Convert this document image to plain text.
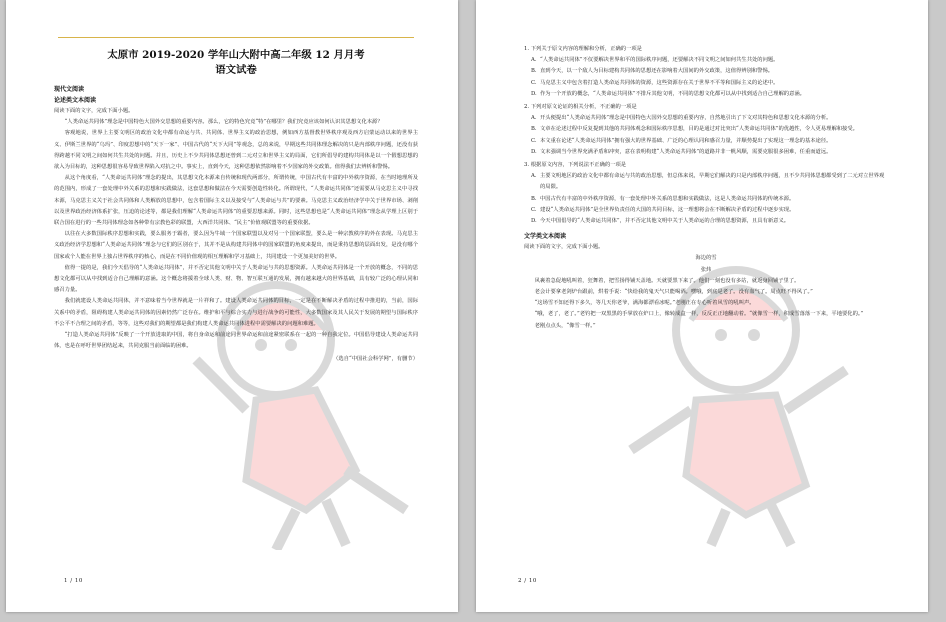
太原市 2019-2020 学年山大附中高二年级 12 月月考
语文试卷
现代文阅读
论述类文本阅读
阅读下面的文字，完成下面小题。

“人类命运共同体”理念是中国特色大国外交思想的重要内容。那么，它的特色究竟“特”在哪里？我们究竟应该如何认识其思想文化本源？

客观地说，世界上主要文明区的政治文化中都有命运与共、共同体、世界主义的政治思想，例如西方基督教世界秩序观及西方启蒙运动以来的世界主义、伊斯兰世界的“乌玛”、印度思想中的“天下一家”、中国古代的“天下大同”等观念，总的来说，早期这些共同体理念解决的只是内部秩序问题，还没有获得跨越不同文明之间如何共生共处的问题。并且，历史上不少共同体思想还曾到二元对立和世界主义的局面，它们所倡导的建构共同体是以一个假想思想的欲入为目标的，这种思想很容易导致世界陷入对抗之中。事实上，直到今天，这种思想依然影响着不少国家的外交政策。值得我们去辨析和警惕。

从这个角度看，“人类命运共同体”理念的提出，其思想文化本源来自传统和现代两部分，所谓传统，中国古代有丰富的中外秩序资源，在当时地理所及的范围内，形成了一套处理中外关系的思想和实践做法，这套思想和做法在今天需要创造性转化。所谓现代，“人类命运共同体”还需要从马克思主义中寻找本源，马克思主义关于社会共同体和人类解放的思想中，包含着国际主义以及接受与“人类命运与共”的要素。马克思主义政治经济学中关于世界市场、剥削以及世界政治经济体系扩张，压迫的论述等，都是我们理解“人类命运共同体”的重要思想来源。同时，这些思想也是“人类命运共同体”理念从学理上区别于联合国在进行的一些共同体理念如各种带有宗教色彩的联盟，大西洋共同体、“民主”价值观联盟等的重要依据。

以往在大多数国际秩序思想和实践，要么服务于霸者，要么因为牛域一个国家联盟以及对另一个国家联盟，要么是一种宗教秩序的外在表现。马克思主义政治经济学思想和“人类命运共同体”理念与它们的区别在于，其并不是从构建共同体中的国家联盟的角度来提出，而是秉持思想的层面出发，是没有哪个国家或个人能在世界上独占世界秩序的核心，而是在不同价值观的相互理解和学习基础上，共同建设一个更加美好的世界。

值得一提的是，我们今天倡导的“人类命运共同体”，并不否定其他文明中关于人类命运与共的思想资源。人类命运共同体是一个开放的概念，不同的思想文化都可以从中找到适合自己理解的意涵。这个概念将援着全球人类、财、物、智互联互通的发展，拥有越来越大的世界基础，具有较广泛的心理认同和感召力量。

我们就建设人类命运共同体，并不意味着当今世界就是一片祥和了。建设人类命运共同体的目标，一定是在不断解决矛盾的过程中推进的，当前，国际关系中的矛盾，阻碍构建人类命运共同体的因素仍然广泛存在。维护和平与综合实力与进行战争的可能性，大多数国家及其人民关于发展的期望与国际秩序不公平不合理之间的矛盾，等等，这些对我们的期望都是我们构建人类命运共同体进程中需要解决的问题和难题。

“打造人类命运共同体”反映了一个开放进取的中国，将自身命运和前途同世界命运和前途紧密联系在一起的一种自我定位。中国倡导建设人类命运共同体，也是在呼吁世界团结起来，共同克服当前面临的困难。

（选自“中国社会科学网”，有删节）
1 / 10
1. 下列关于原文内容的理解和分析，正确的一项是

A. “人类命运共同体”不仅要解决世界和平的国际秩序问题，还要解决不同文明之间如何共生共处的问题。

B. 直到今天，以一个敌人为目标建构共同体的思想还在影响着大国间的外交政策，这值得辨别和警惕。

C. 马克思主义中包含着打造人类命运共同体的资源，这些资源存在关于世界不平等和国际主义的论述中。

D. 作为一个开放的概念，“人类命运共同体”不排斥其他文明，不同的思想文化都可以从中找到适合自己理解的意涵。

2. 下列对原文论证的相关分析，不正确的一项是

A. 开头便提出“人类命运共同体”理念是中国特色大国外交思想的重要内容，自然地引出了下文对其特色和思想文化本源的分析。

B. 文章在论述过程中反复提到其他的共同体观念和国际秩序思想，目的是通过对比突出“人类命运共同体”的优越性，令人更易理解和接受。

C. 本文重在论述“人类命运共同体”拥有强大的世界基础、广泛的心理认同和感召力量，并顺势提出了实现这一理念的基本途径。

D. 文末强调当今世界充满矛盾和冲突，意在表明构建“人类命运共同体”的道路并非一帆风顺，需要克服很多困难，任重而道远。

3. 根据原文内容，下列说法不正确的一项是

A. 主要文明地区的政治文化中都有命运与共的政治思想，但总体来说，早期它们解决的只是内部秩序问题，且不少共同体思想都受到了二元对立世界观的局限。

B. 中国古代有丰富的中外秩序资源，有一套处理中外关系的思想和实践做法，这是人类命运共同体的传统本源。

C. 建设“人类命运共同体”是全世界负责任的大国的共同目标，这一理想将会在不断解决矛盾的过程中逐步实现。

D. 今天中国倡导的“人类命运共同体”，并不否定其他文明中关于人类命运的合理的思想资源，且具有新意义。

文学类文本阅读
阅读下面的文字，完成下面小题。
海边的雪
张炜

风裹着急促地吼叫着，狂舞着，把雪扬得铺天盖地。天就要黑下来了。他们一刻也没有多站，就返身回铺子里了。

老会计要拿老剑炉台跟前，烘着手说：“快给我的鬼天气只能喝酒。嘿哦，到底是老了。没有血气了。周点旺不得风了。”

“这场雪不知还得下多久，等几天你老爷，满海都漂看冰呢。”老刚正在专心听着风雪的吼叫声。

“哦，老了，老了。”老钓把一双黑黑的手掌放在炉口上，像转成盒一样，反反正正地翻动着。“就像雪一样，积成雪落落一下来，平地要化的。”

老刚点点头，“像雪一样。”

2 / 10
